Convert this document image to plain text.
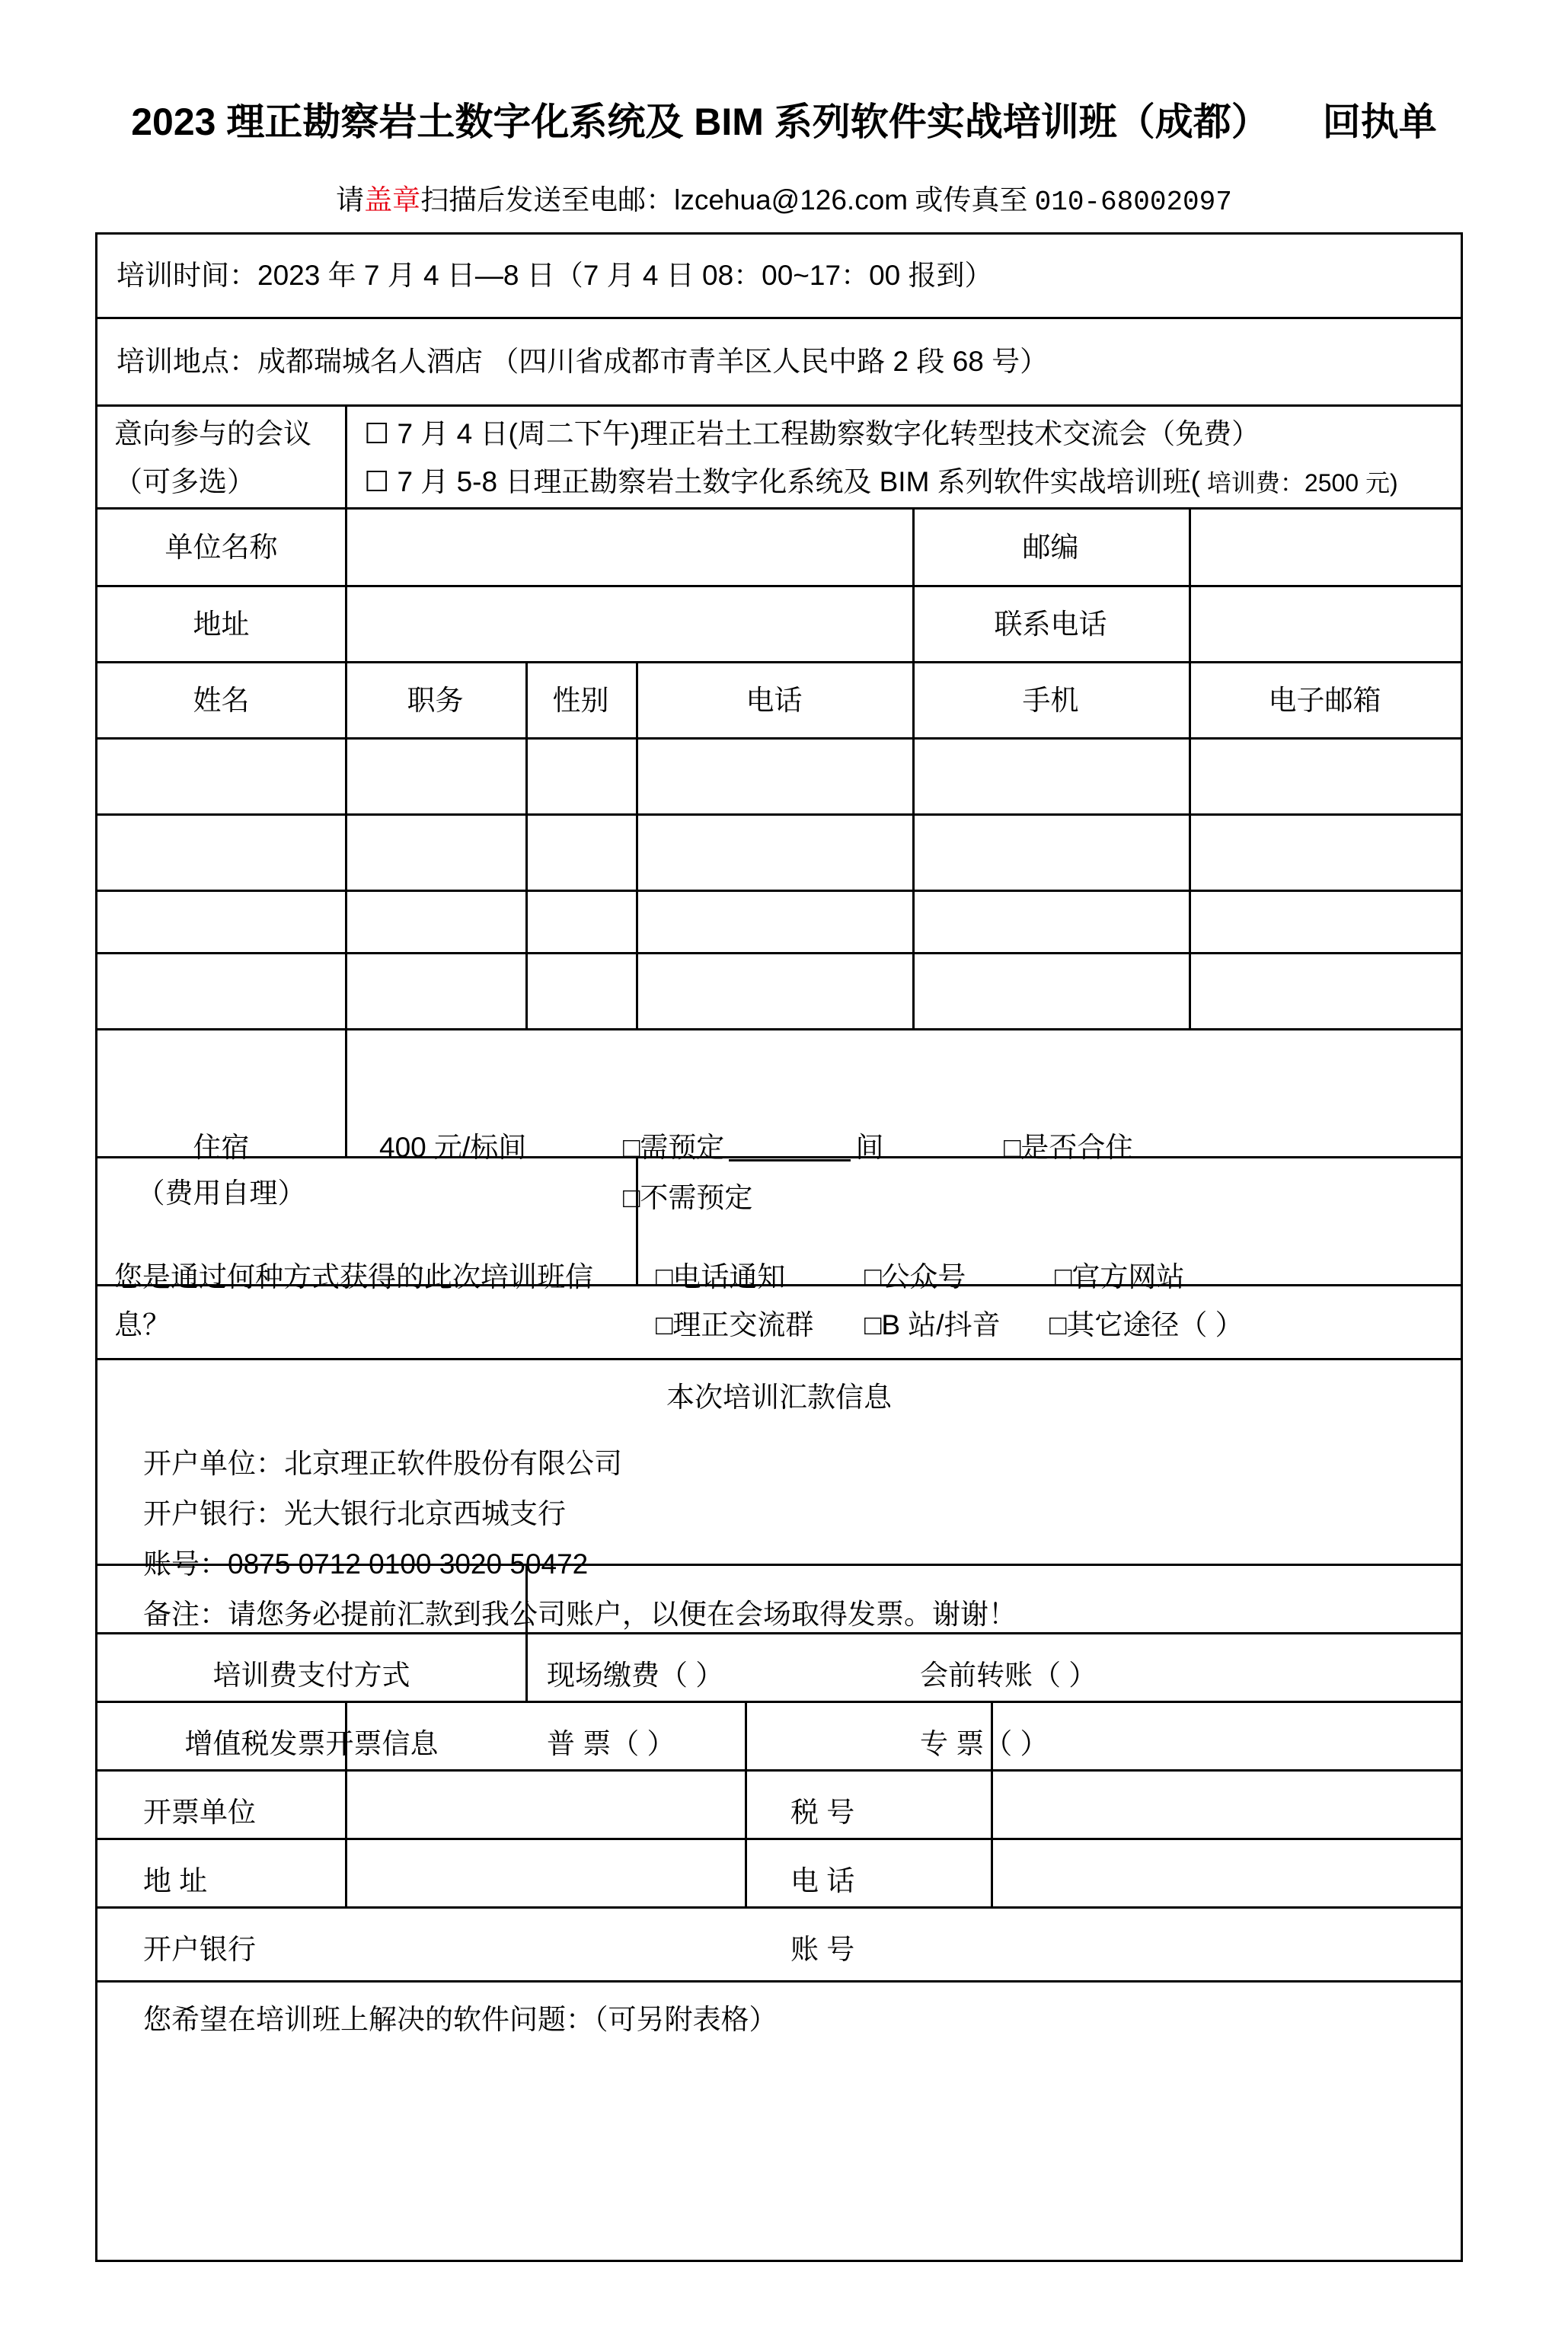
2023 理正勘察岩土数字化系统及 BIM 系列软件实战培训班（成都） 回执单
请盖章扫描后发送至电邮：lzcehua@126.com 或传真至 010-68002097
培训时间：2023 年 7 月 4 日—8 日（7 月 4 日 08：00~17：00 报到）
培训地点：成都瑞城名人酒店 （四川省成都市青羊区人民中路 2 段 68 号）
意向参与的会议
（可多选）
☐ 7 月 4 日(周二下午)理正岩土工程勘察数字化转型技术交流会（免费）
☐ 7 月 5-8 日理正勘察岩土数字化系统及 BIM 系列软件实战培训班( 培训费：2500 元)
单位名称	邮编
地址	联系电话
姓名	职务	性别	电话	手机	电子邮箱
住宿
（费用自理）
400 元/标间	□需预定	间	□是否合住
□不需预定
您是通过何种方式获得的此次培训班信
息？
□电话通知	□公众号	□官方网站
□理正交流群 □B 站/抖音 □其它途径（ ）
本次培训汇款信息
开户单位：北京理正软件股份有限公司
开户银行：光大银行北京西城支行
账号：0875 0712 0100 3020 50472
备注：请您务必提前汇款到我公司账户，以便在会场取得发票。谢谢！
培训费支付方式	现场缴费（ ）	会前转账（ ）
增值税发票开票信息	普 票（ ）	专 票（ ）
开票单位	税 号
地 址	电 话
开户银行	账 号
您希望在培训班上解决的软件问题：（可另附表格）
